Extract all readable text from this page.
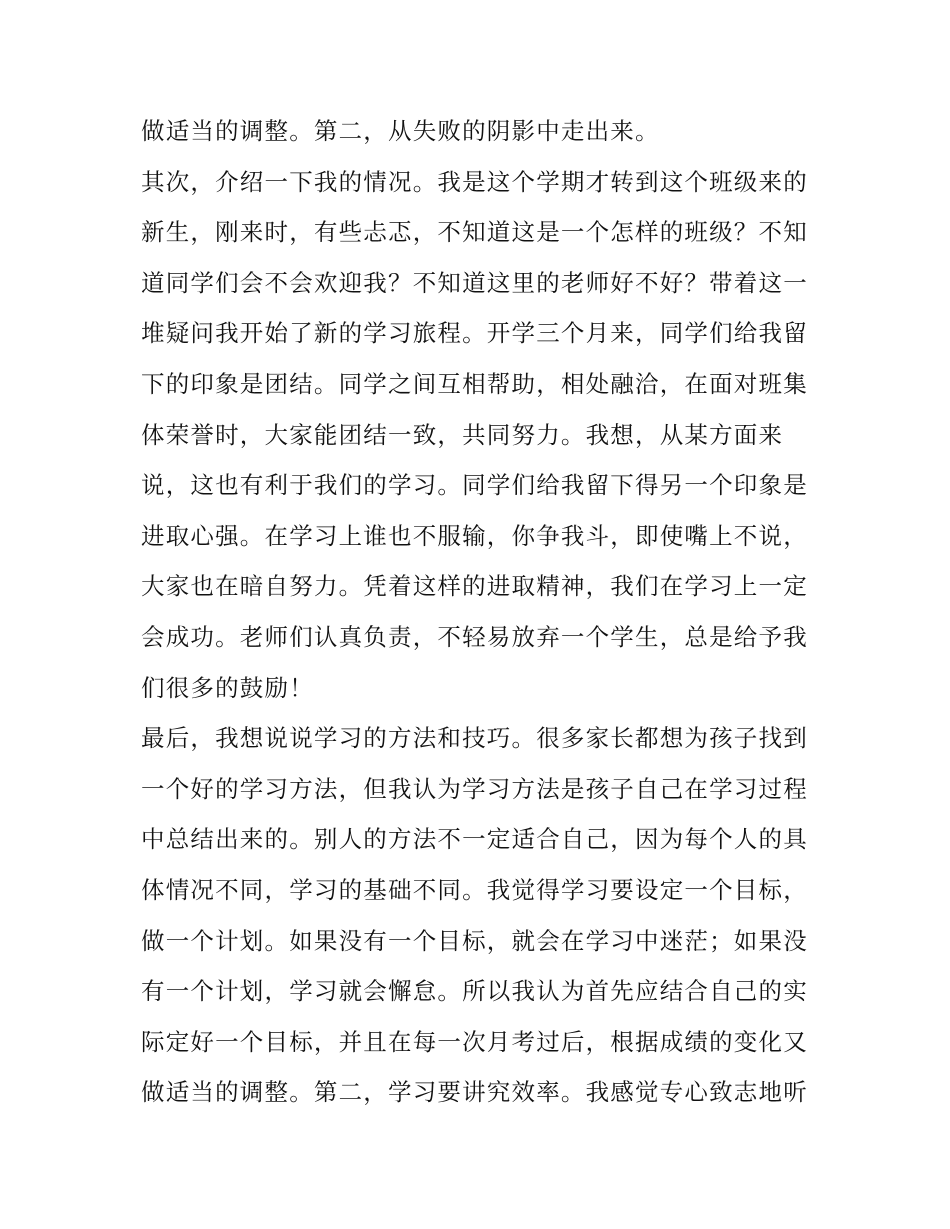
做适当的调整。第二，从失败的阴影中走出来。
其次，介绍一下我的情况。我是这个学期才转到这个班级来的
新生，刚来时，有些忐忑，不知道这是一个怎样的班级？不知
道同学们会不会欢迎我？不知道这里的老师好不好？带着这一
堆疑问我开始了新的学习旅程。开学三个月来，同学们给我留
下的印象是团结。同学之间互相帮助，相处融洽，在面对班集
体荣誉时，大家能团结一致，共同努力。我想，从某方面来
说，这也有利于我们的学习。同学们给我留下得另一个印象是
进取心强。在学习上谁也不服输，你争我斗，即使嘴上不说，
大家也在暗自努力。凭着这样的进取精神，我们在学习上一定
会成功。老师们认真负责，不轻易放弃一个学生，总是给予我
们很多的鼓励！
最后，我想说说学习的方法和技巧。很多家长都想为孩子找到
一个好的学习方法，但我认为学习方法是孩子自己在学习过程
中总结出来的。别人的方法不一定适合自己，因为每个人的具
体情况不同，学习的基础不同。我觉得学习要设定一个目标，
做一个计划。如果没有一个目标，就会在学习中迷茫；如果没
有一个计划，学习就会懈怠。所以我认为首先应结合自己的实
际定好一个目标，并且在每一次月考过后，根据成绩的变化又
做适当的调整。第二，学习要讲究效率。我感觉专心致志地听
